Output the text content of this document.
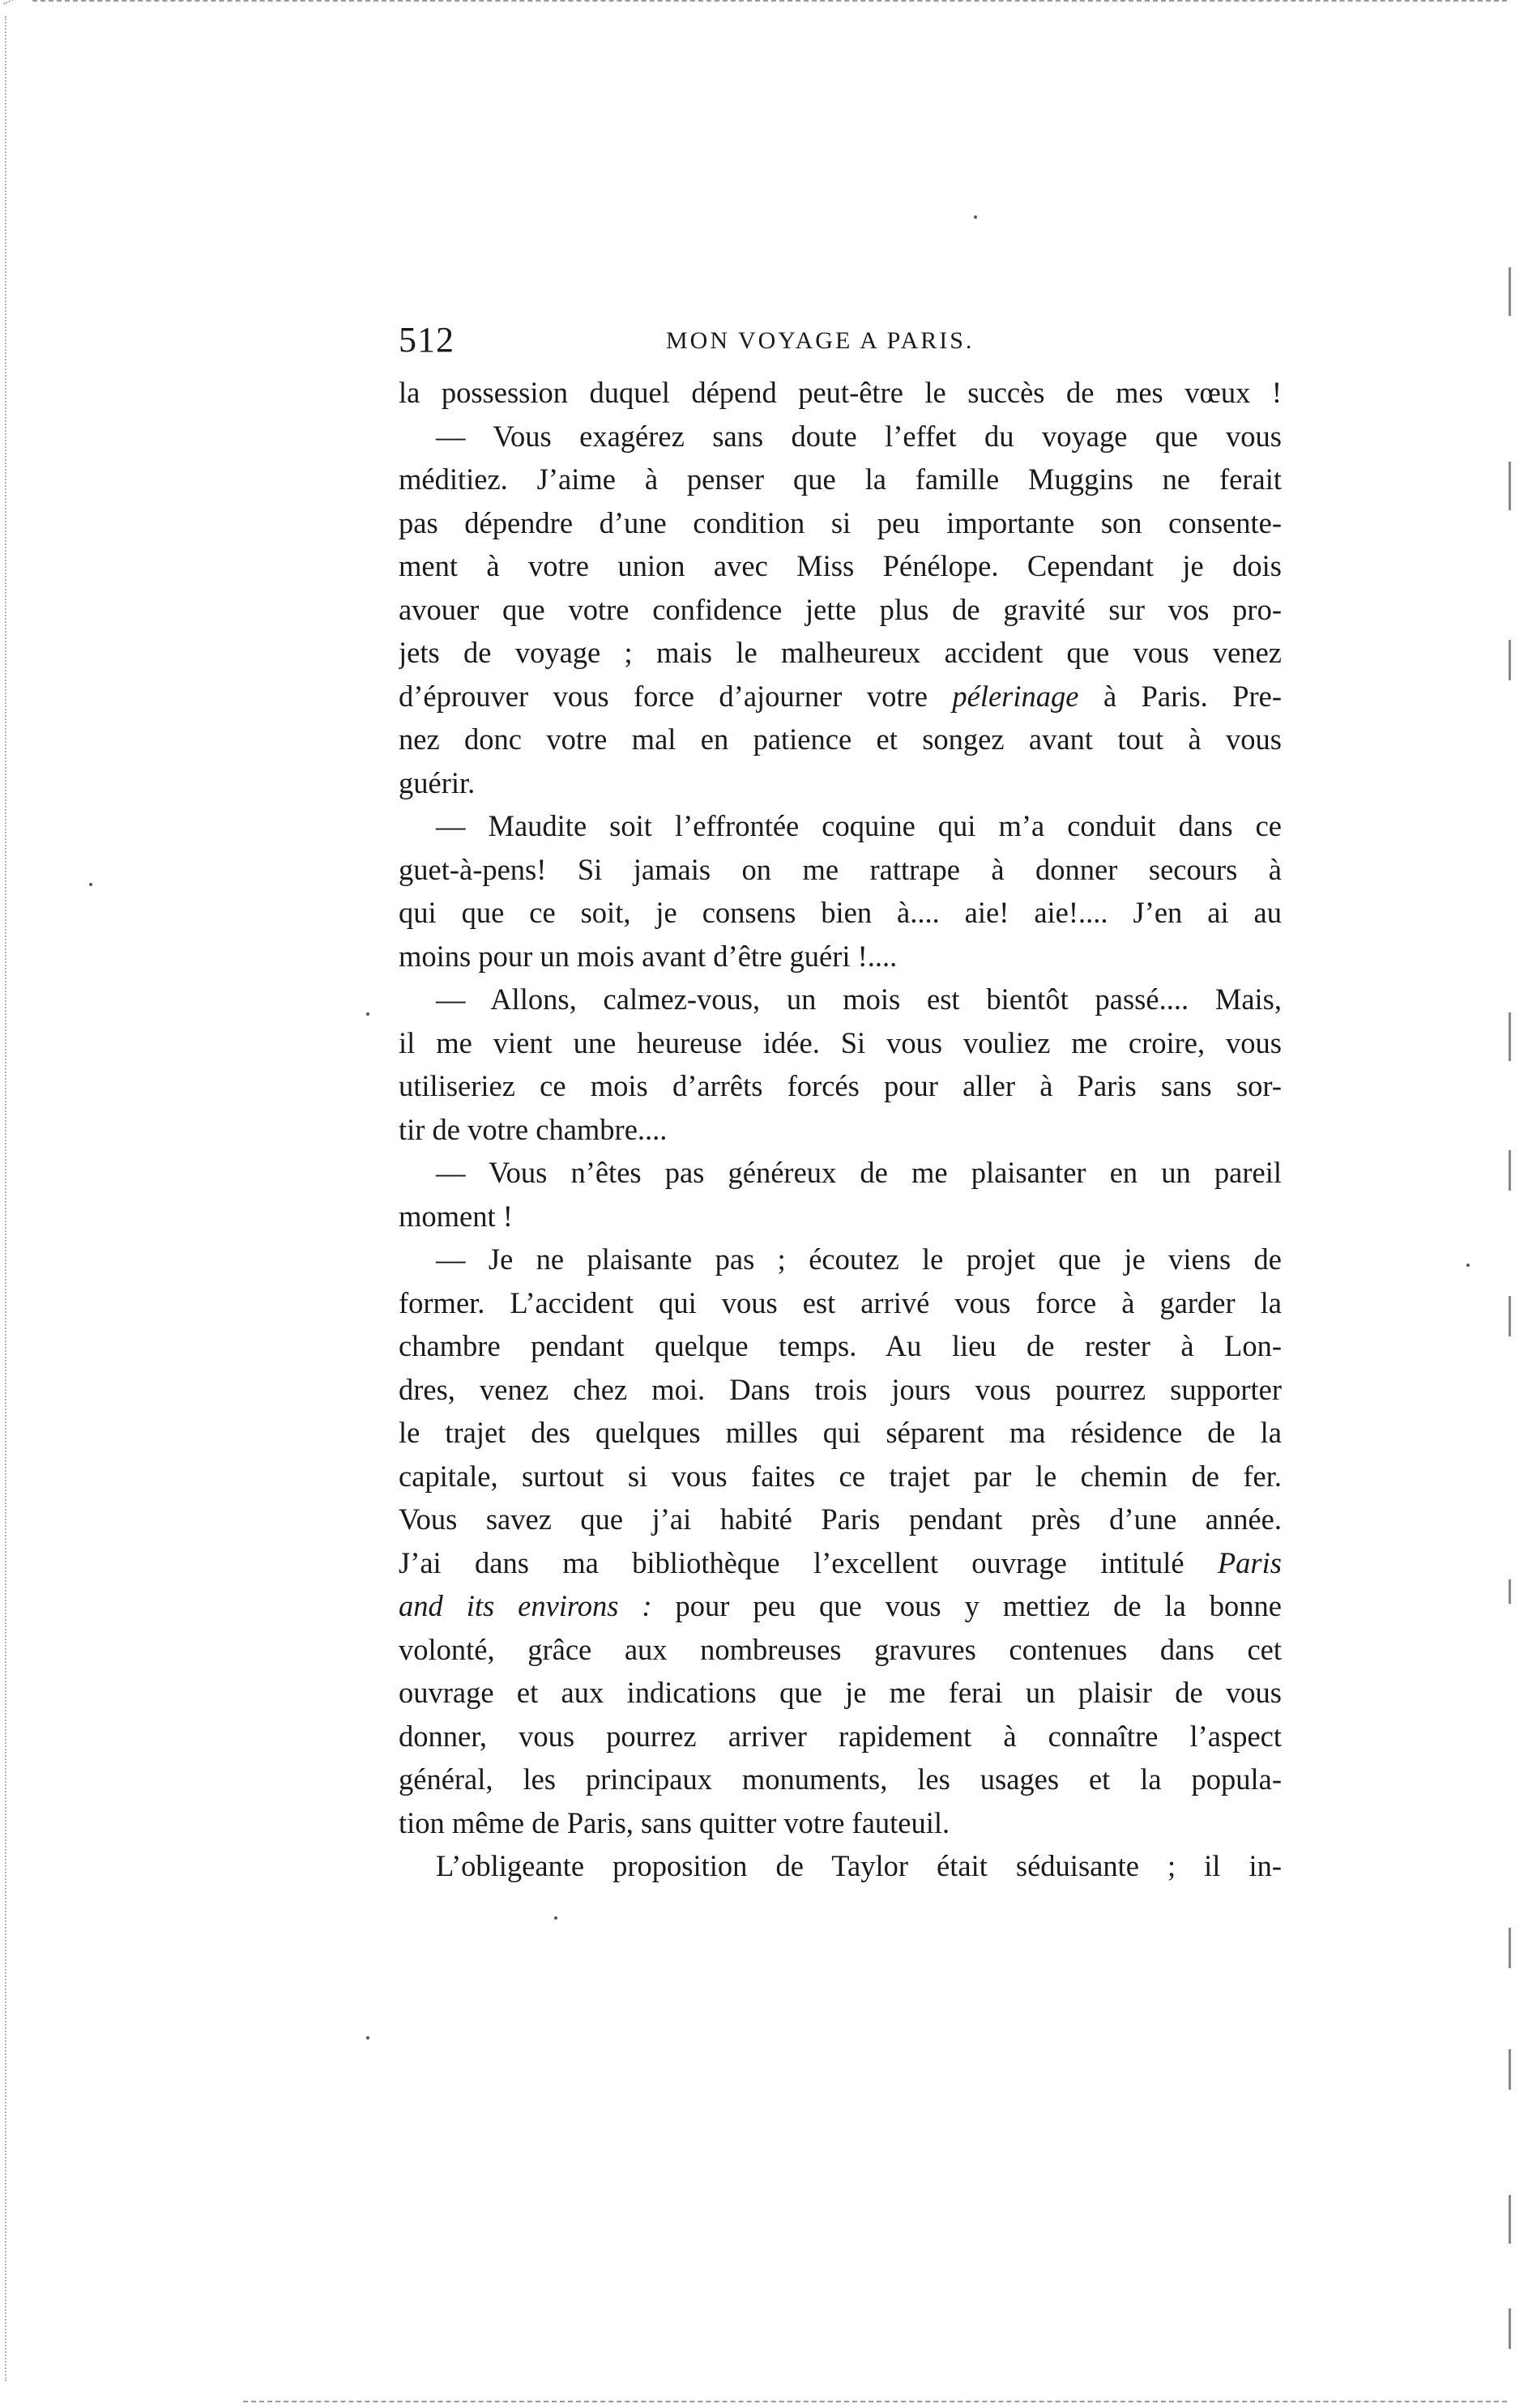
512	MON VOYAGE A PARIS.
la possession duquel dépend peut-être le succès de mes vœux !
— Vous exagérez sans doute l’effet du voyage que vous
méditiez. J’aime à penser que la famille Muggins ne ferait
pas dépendre d’une condition si peu importante son consente-
ment à votre union avec Miss Pénélope. Cependant je dois
avouer que votre confidence jette plus de gravité sur vos pro-
jets de voyage ; mais le malheureux accident que vous venez
d’éprouver vous force d’ajourner votre pélerinage à Paris. Pre-
nez donc votre mal en patience et songez avant tout à vous
guérir.
— Maudite soit l’effrontée coquine qui m’a conduit dans ce
guet-à-pens! Si jamais on me rattrape à donner secours à
qui que ce soit, je consens bien à.... aie! aie!.... J’en ai au
moins pour un mois avant d’être guéri !....
— Allons, calmez-vous, un mois est bientôt passé.... Mais,
il me vient une heureuse idée. Si vous vouliez me croire, vous
utiliseriez ce mois d’arrêts forcés pour aller à Paris sans sor-
tir de votre chambre....
— Vous n’êtes pas généreux de me plaisanter en un pareil
moment !
— Je ne plaisante pas ; écoutez le projet que je viens de
former. L’accident qui vous est arrivé vous force à garder la
chambre pendant quelque temps. Au lieu de rester à Lon-
dres, venez chez moi. Dans trois jours vous pourrez supporter
le trajet des quelques milles qui séparent ma résidence de la
capitale, surtout si vous faites ce trajet par le chemin de fer.
Vous savez que j’ai habité Paris pendant près d’une année.
J’ai dans ma bibliothèque l’excellent ouvrage intitulé Paris
and its environs : pour peu que vous y mettiez de la bonne
volonté, grâce aux nombreuses gravures contenues dans cet
ouvrage et aux indications que je me ferai un plaisir de vous
donner, vous pourrez arriver rapidement à connaître l’aspect
général, les principaux monuments, les usages et la popula-
tion même de Paris, sans quitter votre fauteuil.
L’obligeante proposition de Taylor était séduisante ; il in-
